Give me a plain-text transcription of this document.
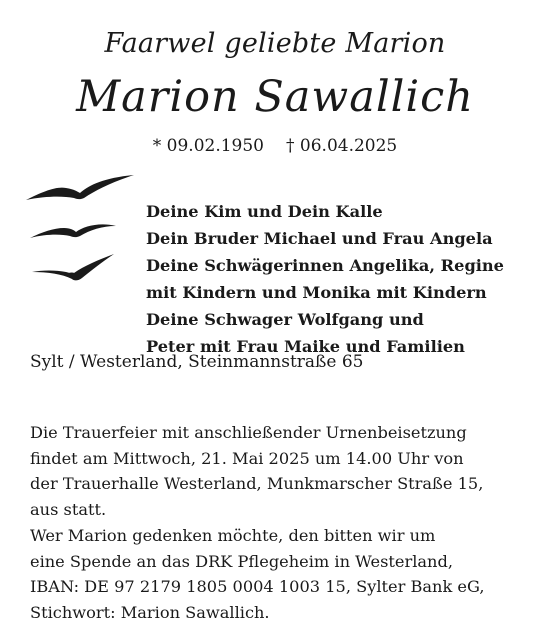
Faarwel geliebte Marion
Marion Sawallich
* 09.02.1950 † 06.04.2025
Deine Kim und Dein Kalle
Dein Bruder Michael und Frau Angela
Deine Schwägerinnen Angelika, Regine
mit Kindern und Monika mit Kindern
Deine Schwager Wolfgang und
Peter mit Frau Maike und Familien
Sylt / Westerland, Steinmannstraße 65
Die Trauerfeier mit anschließender Urnenbeisetzung
findet am Mittwoch, 21. Mai 2025 um 14.00 Uhr von
der Trauerhalle Westerland, Munkmarscher Straße 15,
aus statt.
Wer Marion gedenken möchte, den bitten wir um
eine Spende an das DRK Pflegeheim in Westerland,
IBAN: DE 97 2179 1805 0004 1003 15, Sylter Bank eG,
Stichwort: Marion Sawallich.
